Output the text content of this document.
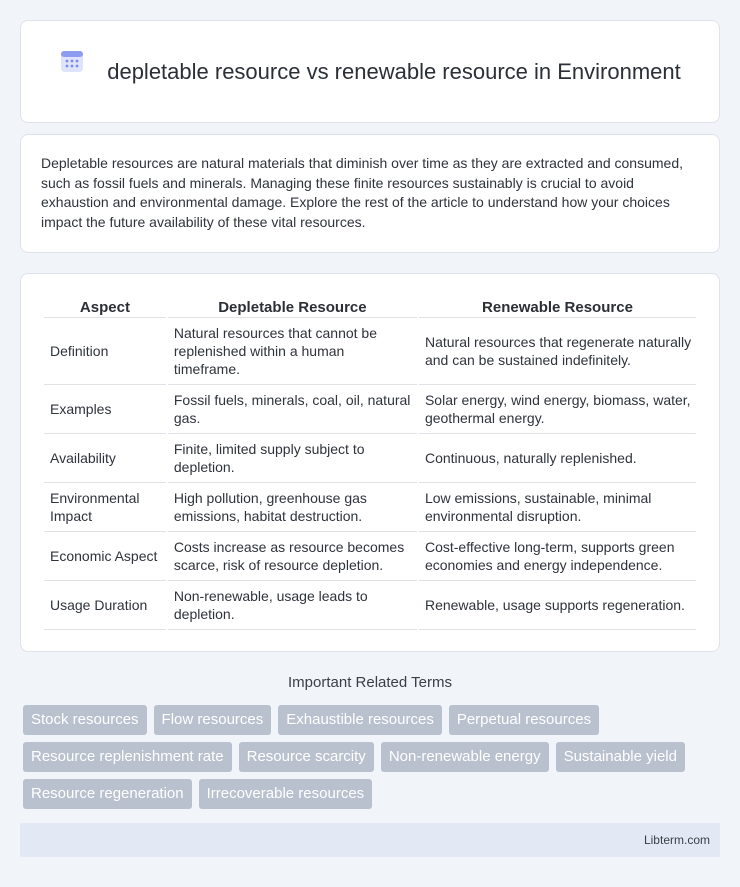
depletable resource vs renewable resource in Environment

Depletable resources are natural materials that diminish over time as they are extracted and consumed, such as fossil fuels and minerals. Managing these finite resources sustainably is crucial to avoid exhaustion and environmental damage. Explore the rest of the article to understand how your choices impact the future availability of these vital resources.

Aspect	Depletable Resource	Renewable Resource
Definition	Natural resources that cannot be replenished within a human timeframe.	Natural resources that regenerate naturally and can be sustained indefinitely.
Examples	Fossil fuels, minerals, coal, oil, natural gas.	Solar energy, wind energy, biomass, water, geothermal energy.
Availability	Finite, limited supply subject to depletion.	Continuous, naturally replenished.
Environmental Impact	High pollution, greenhouse gas emissions, habitat destruction.	Low emissions, sustainable, minimal environmental disruption.
Economic Aspect	Costs increase as resource becomes scarce, risk of resource depletion.	Cost-effective long-term, supports green economies and energy independence.
Usage Duration	Non-renewable, usage leads to depletion.	Renewable, usage supports regeneration.
Important Related Terms
Stock resources	Flow resources	Exhaustible resources	Perpetual resources
Resource replenishment rate	Resource scarcity	Non-renewable energy	Sustainable yield
Resource regeneration	Irrecoverable resources
Libterm.com
